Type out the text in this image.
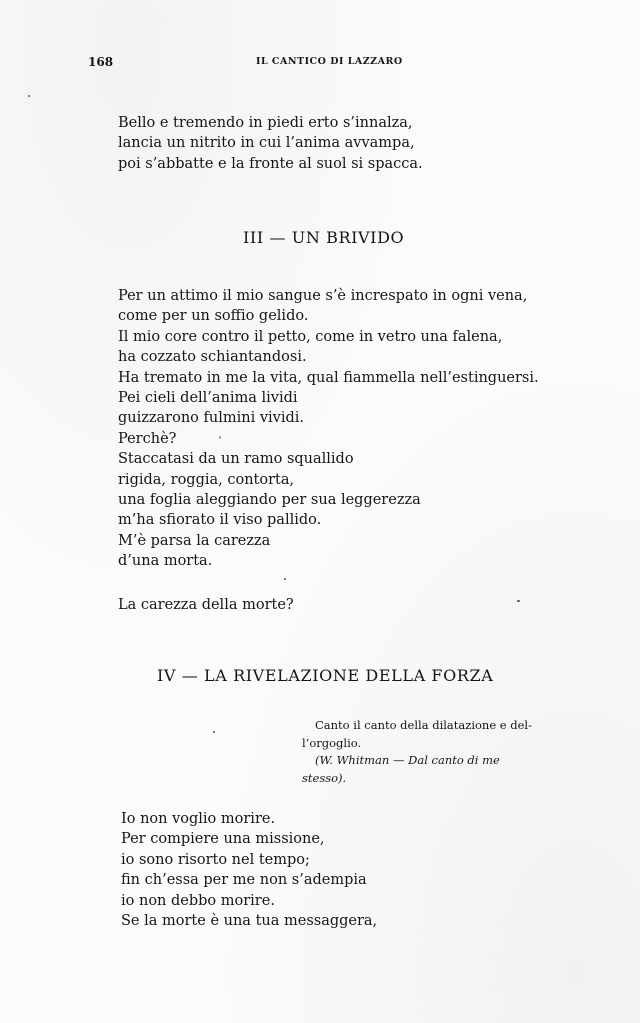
168	IL CANTICO DI LAZZARO
Bello e tremendo in piedi erto s’innalza,
lancia un nitrito in cui l’anima avvampa,
poi s’abbatte e la fronte al suol si spacca.
III — UN BRIVIDO
Per un attimo il mio sangue s’è increspato in ogni vena,
come per un soffio gelido.
Il mio core contro il petto, come in vetro una falena,
ha cozzato schiantandosi.
Ha tremato in me la vita, qual fiammella nell’estinguersi.
Pei cieli dell’anima lividi
guizzarono fulmini vividi.
Perchè?
Staccatasi da un ramo squallido
rigida, roggia, contorta,
una foglia aleggiando per sua leggerezza
m’ha sfiorato il viso pallido.
M’è parsa la carezza
d’una morta.
La carezza della morte?
IV — LA RIVELAZIONE DELLA FORZA
Canto il canto della dilatazione e del-
l’orgoglio.
(W. Whitman — Dal canto di me
stesso).
Io non voglio morire.
Per compiere una missione,
io sono risorto nel tempo;
fin ch’essa per me non s’adempia
io non debbo morire.
Se la morte è una tua messaggera,
